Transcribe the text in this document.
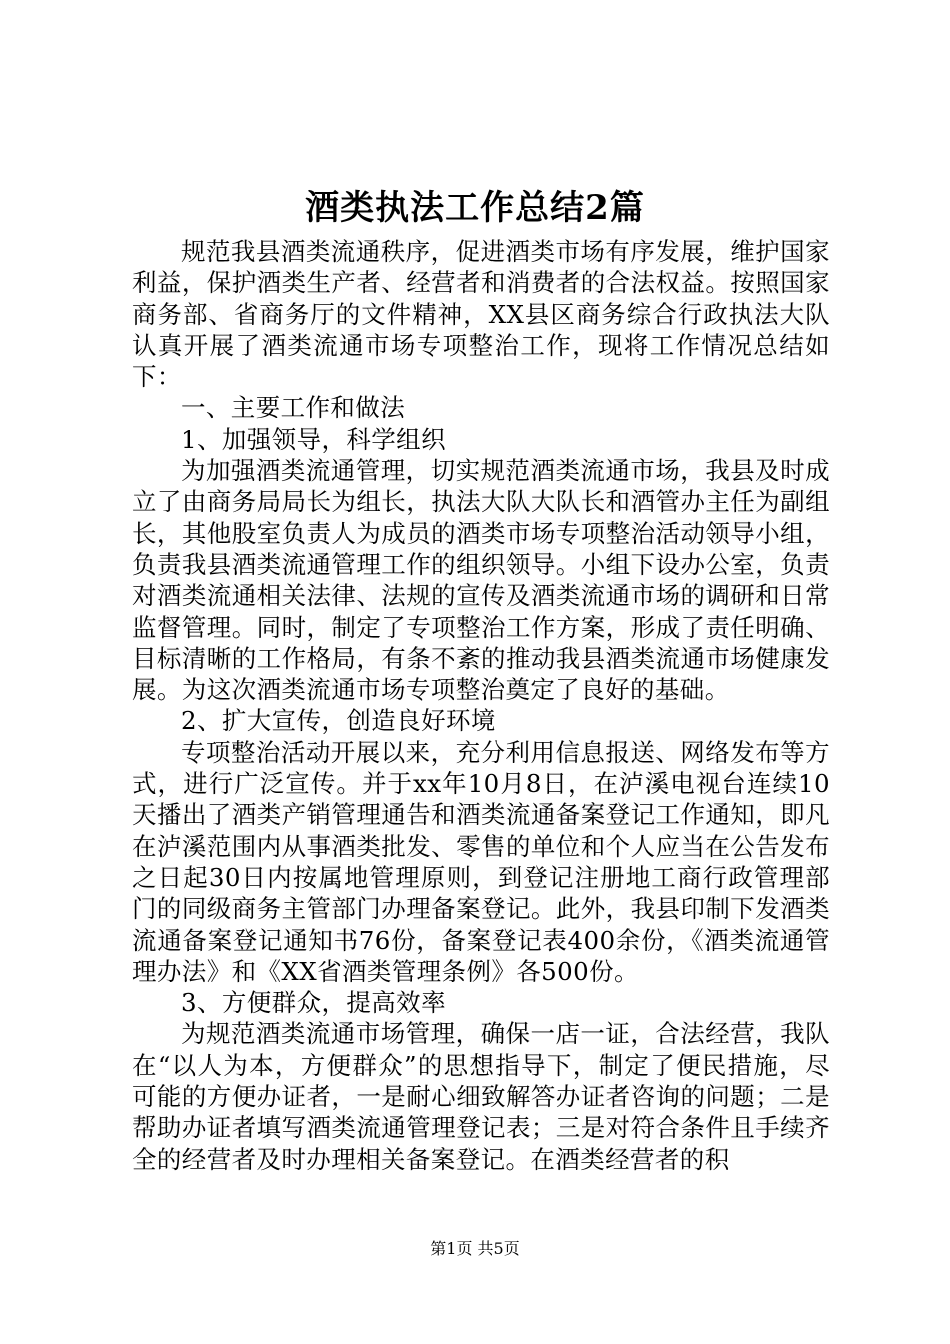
酒类执法工作总结2篇

规范我县酒类流通秩序，促进酒类市场有序发展，维护国家利益，保护酒类生产者、经营者和消费者的合法权益。按照国家商务部、省商务厅的文件精神，XX县区商务综合行政执法大队认真开展了酒类流通市场专项整治工作，现将工作情况总结如下：

一、主要工作和做法

1、加强领导，科学组织

为加强酒类流通管理，切实规范酒类流通市场，我县及时成立了由商务局局长为组长，执法大队大队长和酒管办主任为副组长，其他股室负责人为成员的酒类市场专项整治活动领导小组，负责我县酒类流通管理工作的组织领导。小组下设办公室，负责对酒类流通相关法律、法规的宣传及酒类流通市场的调研和日常监督管理。同时，制定了专项整治工作方案，形成了责任明确、目标清晰的工作格局，有条不紊的推动我县酒类流通市场健康发展。为这次酒类流通市场专项整治奠定了良好的基础。

2、扩大宣传，创造良好环境

专项整治活动开展以来，充分利用信息报送、网络发布等方式，进行广泛宣传。并于xx年10月8日，在泸溪电视台连续10天播出了酒类产销管理通告和酒类流通备案登记工作通知，即凡在泸溪范围内从事酒类批发、零售的单位和个人应当在公告发布之日起30日内按属地管理原则，到登记注册地工商行政管理部门的同级商务主管部门办理备案登记。此外，我县印制下发酒类流通备案登记通知书76份，备案登记表400余份，《酒类流通管理办法》和《XX省酒类管理条例》各500份。

3、方便群众，提高效率

为规范酒类流通市场管理，确保一店一证，合法经营，我队在“以人为本，方便群众”的思想指导下，制定了便民措施，尽可能的方便办证者，一是耐心细致解答办证者咨询的问题；二是帮助办证者填写酒类流通管理登记表；三是对符合条件且手续齐全的经营者及时办理相关备案登记。在酒类经营者的积

第1页 共5页
